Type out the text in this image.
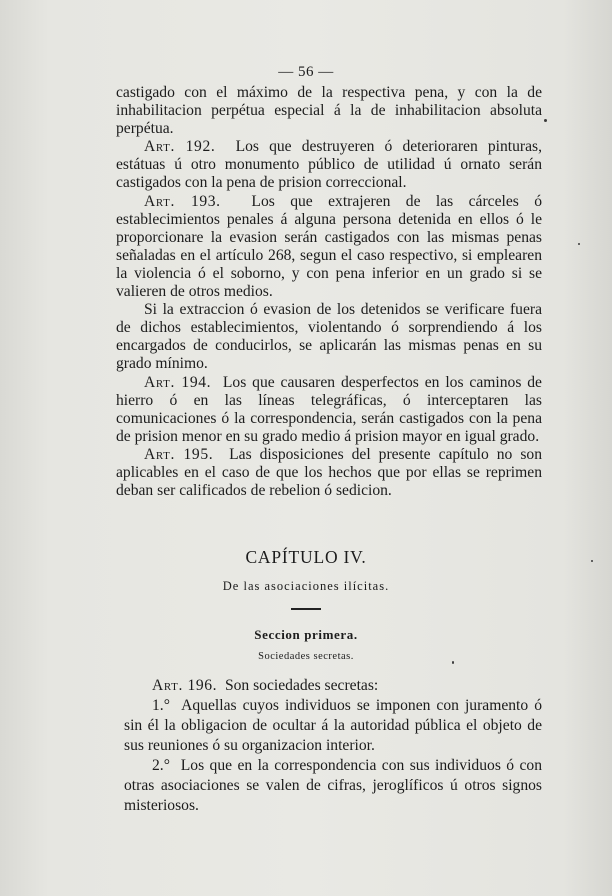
— 56 —

castigado con el máximo de la respectiva pena, y con la de inhabilitacion perpétua especial á la de inhabilitacion absoluta perpétua.

Art. 192. Los que destruyeren ó deterioraren pinturas, estátuas ú otro monumento público de utilidad ú ornato serán castigados con la pena de prision correccional.

Art. 193. Los que extrajeren de las cárceles ó establecimientos penales á alguna persona detenida en ellos ó le proporcionare la evasion serán castigados con las mismas penas señaladas en el artículo 268, segun el caso respectivo, si emplearen la violencia ó el soborno, y con pena inferior en un grado si se valieren de otros medios.

Si la extraccion ó evasion de los detenidos se verificare fuera de dichos establecimientos, violentando ó sorprendiendo á los encargados de conducirlos, se aplicarán las mismas penas en su grado mínimo.

Art. 194. Los que causaren desperfectos en los caminos de hierro ó en las líneas telegráficas, ó interceptaren las comunicaciones ó la correspondencia, serán castigados con la pena de prision menor en su grado medio á prision mayor en igual grado.

Art. 195. Las disposiciones del presente capítulo no son aplicables en el caso de que los hechos que por ellas se reprimen deban ser calificados de rebelion ó sedicion.

CAPÍTULO IV.
De las asociaciones ilícitas.
Seccion primera.
Sociedades secretas.

Art. 196. Son sociedades secretas:

1.° Aquellas cuyos individuos se imponen con juramento ó sin él la obligacion de ocultar á la autoridad pública el objeto de sus reuniones ó su organizacion interior.

2.° Los que en la correspondencia con sus individuos ó con otras asociaciones se valen de cifras, jeroglíficos ú otros signos misteriosos.
